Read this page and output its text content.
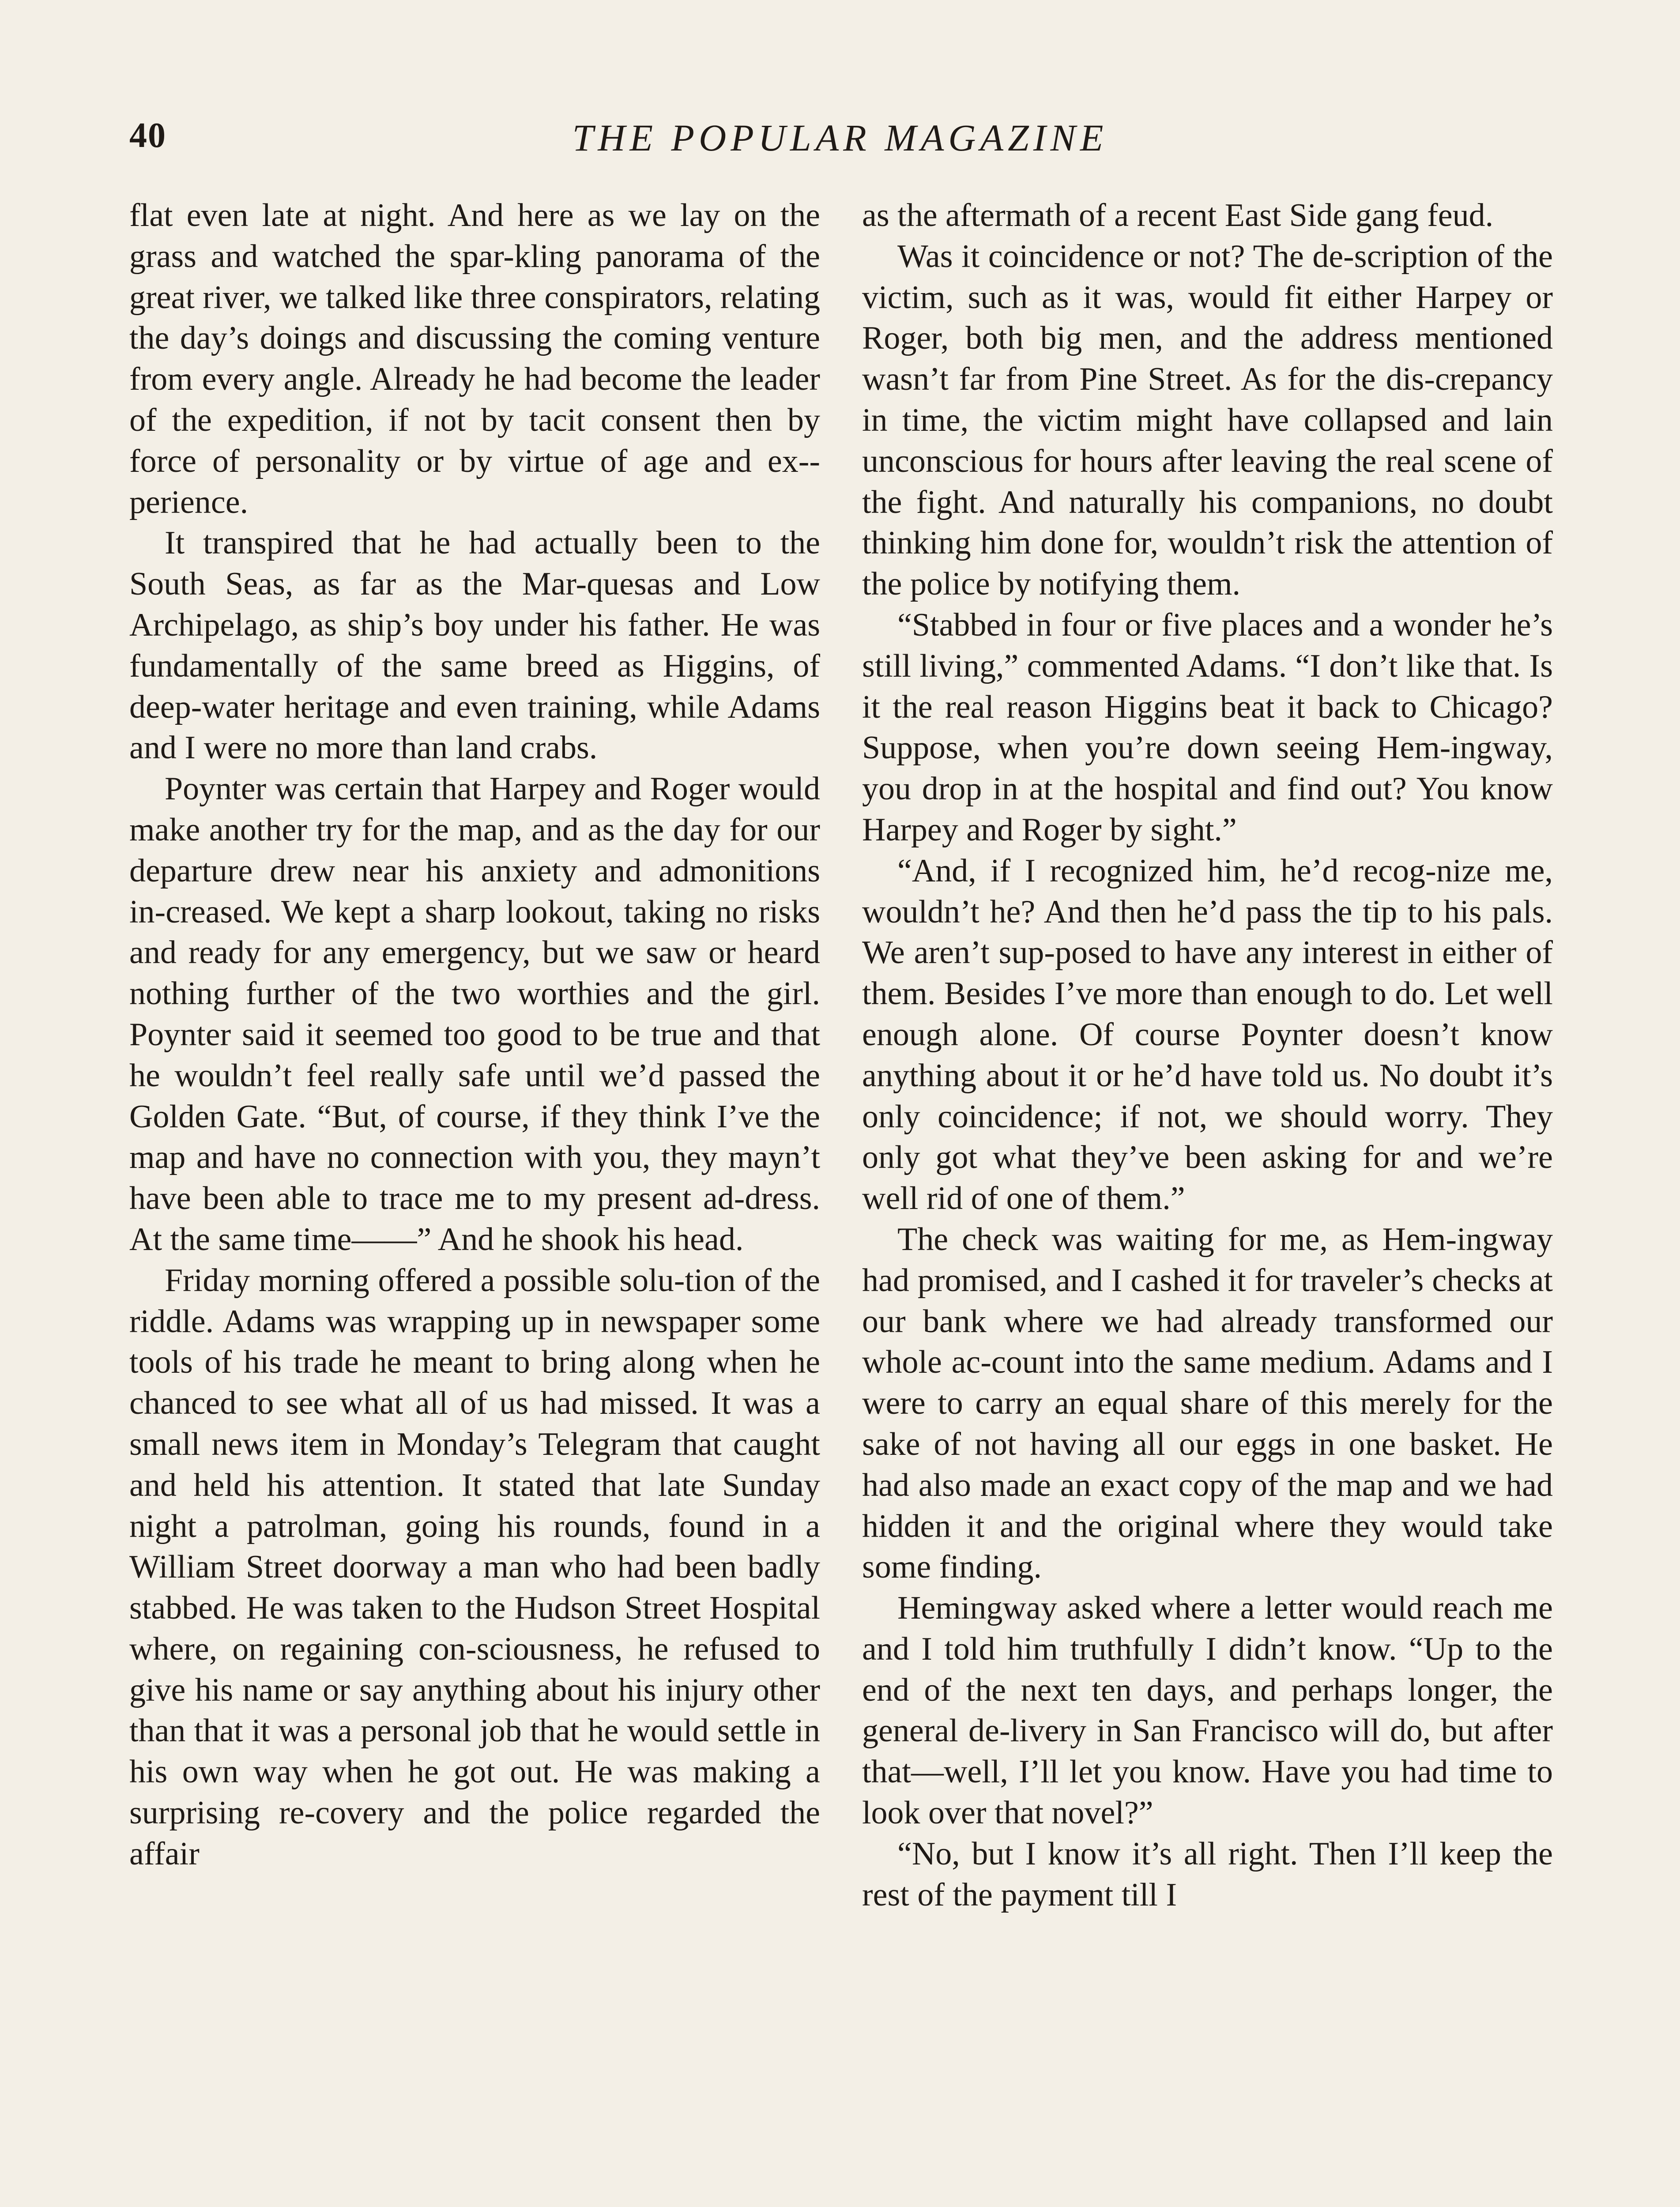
40	THE POPULAR MAGAZINE

flat even late at night. And here as we lay on the grass and watched the spar-kling panorama of the great river, we talked like three conspirators, relating the day’s doings and discussing the coming venture from every angle. Already he had become the leader of the expedition, if not by tacit consent then by force of personality or by virtue of age and ex-perience.

It transpired that he had actually been to the South Seas, as far as the Mar-quesas and Low Archipelago, as ship’s boy under his father. He was fundamentally of the same breed as Higgins, of deep-water heritage and even training, while Adams and I were no more than land crabs.

Poynter was certain that Harpey and Roger would make another try for the map, and as the day for our departure drew near his anxiety and admonitions in-creased. We kept a sharp lookout, taking no risks and ready for any emergency, but we saw or heard nothing further of the two worthies and the girl. Poynter said it seemed too good to be true and that he wouldn’t feel really safe until we’d passed the Golden Gate. “But, of course, if they think I’ve the map and have no connection with you, they mayn’t have been able to trace me to my present ad-dress. At the same time——” And he shook his head.

Friday morning offered a possible solu-tion of the riddle. Adams was wrapping up in newspaper some tools of his trade he meant to bring along when he chanced to see what all of us had missed. It was a small news item in Monday’s Telegram that caught and held his attention. It stated that late Sunday night a patrolman, going his rounds, found in a William Street doorway a man who had been badly stabbed. He was taken to the Hudson Street Hospital where, on regaining con-sciousness, he refused to give his name or say anything about his injury other than that it was a personal job that he would settle in his own way when he got out. He was making a surprising re-covery and the police regarded the affair

as the aftermath of a recent East Side gang feud.

Was it coincidence or not? The de-scription of the victim, such as it was, would fit either Harpey or Roger, both big men, and the address mentioned wasn’t far from Pine Street. As for the dis-crepancy in time, the victim might have collapsed and lain unconscious for hours after leaving the real scene of the fight. And naturally his companions, no doubt thinking him done for, wouldn’t risk the attention of the police by notifying them.

“Stabbed in four or five places and a wonder he’s still living,” commented Adams. “I don’t like that. Is it the real reason Higgins beat it back to Chicago? Suppose, when you’re down seeing Hem-ingway, you drop in at the hospital and find out? You know Harpey and Roger by sight.”

“And, if I recognized him, he’d recog-nize me, wouldn’t he? And then he’d pass the tip to his pals. We aren’t sup-posed to have any interest in either of them. Besides I’ve more than enough to do. Let well enough alone. Of course Poynter doesn’t know anything about it or he’d have told us. No doubt it’s only coincidence; if not, we should worry. They only got what they’ve been asking for and we’re well rid of one of them.”

The check was waiting for me, as Hem-ingway had promised, and I cashed it for traveler’s checks at our bank where we had already transformed our whole ac-count into the same medium. Adams and I were to carry an equal share of this merely for the sake of not having all our eggs in one basket. He had also made an exact copy of the map and we had hidden it and the original where they would take some finding.

Hemingway asked where a letter would reach me and I told him truthfully I didn’t know. “Up to the end of the next ten days, and perhaps longer, the general de-livery in San Francisco will do, but after that—well, I’ll let you know. Have you had time to look over that novel?”

“No, but I know it’s all right. Then I’ll keep the rest of the payment till I
